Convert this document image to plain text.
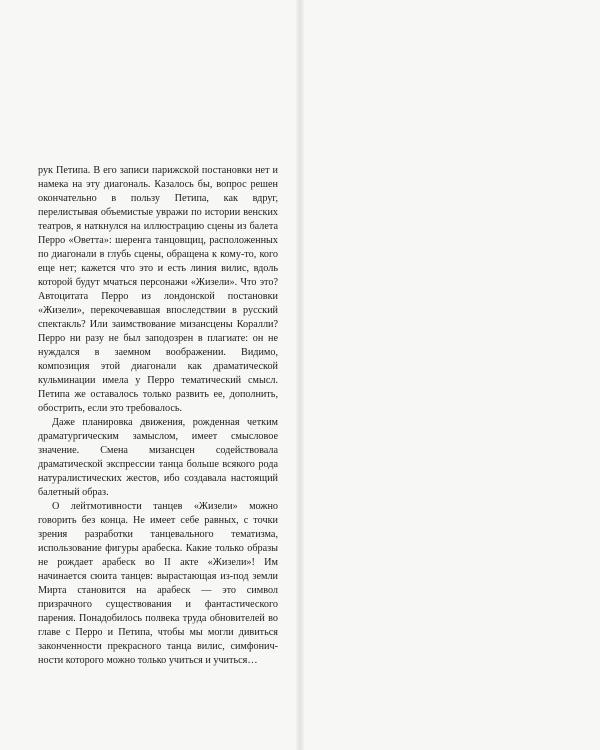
рук Петипа. В его записи парижской постановки нет и намека на эту диагональ. Казалось бы, вопрос решен окончательно в пользу Петипа, как вдруг, перелистывая объемистые увражи по истории венских театров, я наткнулся на иллюстрацию сцены из балета Перро «Оветта»: шеренга танцовщиц, расположенных по диагонали в глубь сцены, обращена к кому-то, кого еще нет; кажется что это и есть линия вилис, вдоль которой будут мчаться персонажи «Жизели». Что это? Автоцитата Перро из лондонской постановки «Жизели», перекочевавшая впоследствии в русский спектакль? Или заимствование мизансцены Коралли? Перро ни разу не был заподозрен в плагиате: он не нуждался в заемном воображении. Видимо, композиция этой диагонали как драматической кульминации имела у Перро тематический смысл. Петипа же оставалось только развить ее, дополнить, обострить, если это требовалось.

Даже планировка движения, рожденная четким драматургическим замыслом, имеет смысловое значение. Смена мизансцен содействовала драматической экспрессии танца больше всякого рода натуралистических жестов, ибо создавала настоящий балетный образ.

О лейтмотивности танцев «Жизели» можно говорить без конца. Не имеет себе равных, с точки зрения разработки танцевального тематизма, использование фигуры арабеска. Какие только образы не рождает арабеск во II акте «Жизели»! Им начинается сюита танцев: вырастающая из-под земли Мирта становится на арабеск — это символ призрачного существования и фантастического парения. Понадобилось полвека труда обновителей во главе с Перро и Петипа, чтобы мы могли дивиться законченности прекрасного танца вилис, симфонич-ности которого можно только учиться и учиться…
